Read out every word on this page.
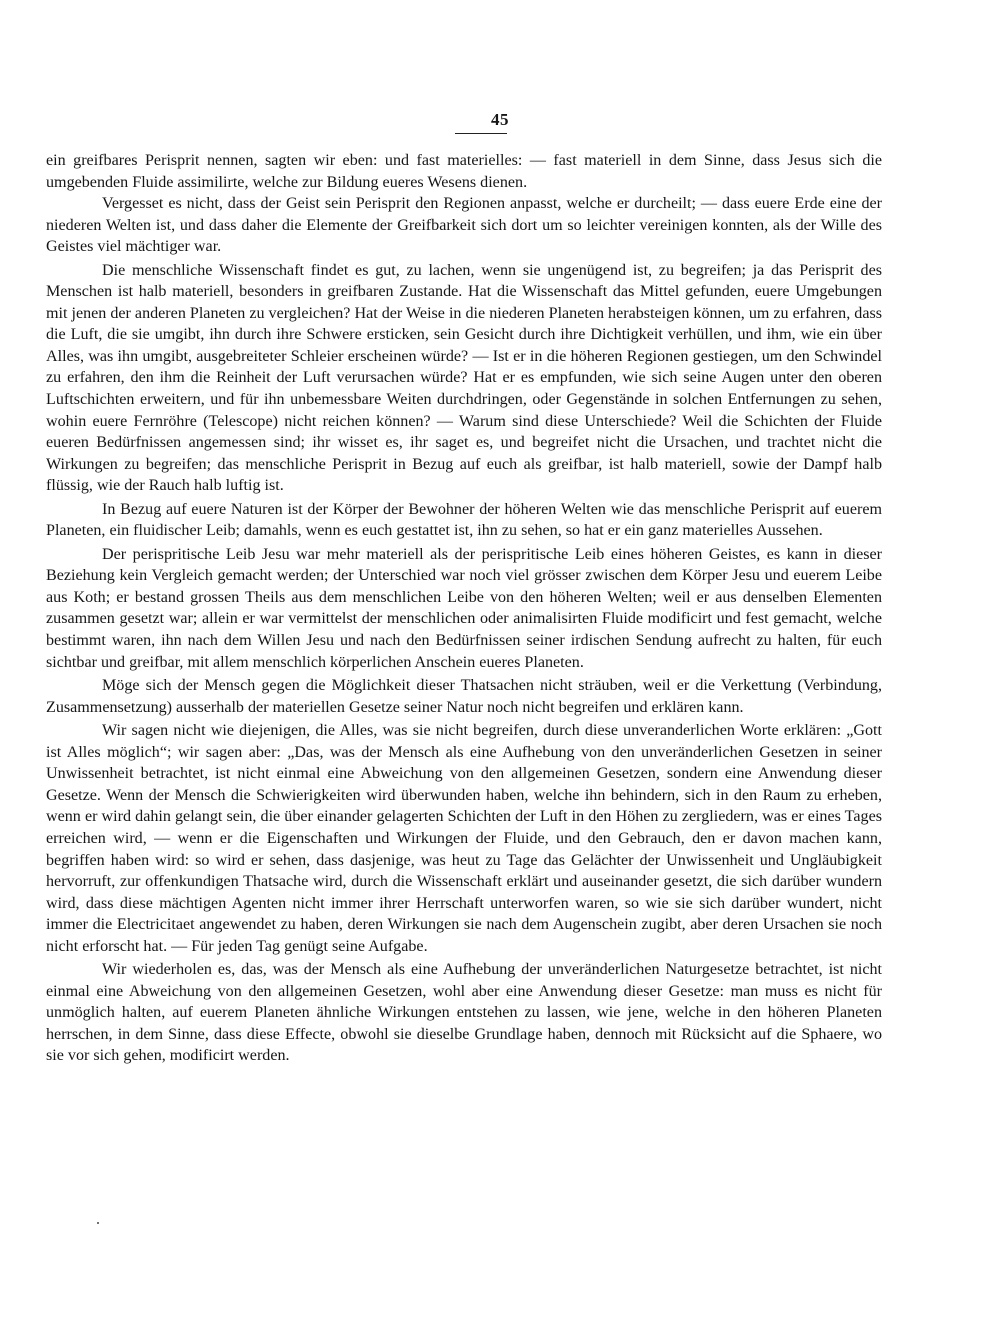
45

ein greifbares Perisprit nennen, sagten wir eben: und fast materielles: — fast materiell in dem Sinne, dass Jesus sich die umgebenden Fluide assimilirte, welche zur Bildung eueres Wesens dienen.

Vergesset es nicht, dass der Geist sein Perisprit den Regionen anpasst, welche er durcheilt; — dass euere Erde eine der niederen Welten ist, und dass daher die Elemente der Greifbarkeit sich dort um so leichter vereinigen konnten, als der Wille des Geistes viel mächtiger war.

Die menschliche Wissenschaft findet es gut, zu lachen, wenn sie ungenügend ist, zu begreifen; ja das Perisprit des Menschen ist halb materiell, besonders in greifbaren Zustande. Hat die Wissenschaft das Mittel gefunden, euere Umgebungen mit jenen der anderen Planeten zu vergleichen? Hat der Weise in die niederen Planeten herabsteigen können, um zu erfahren, dass die Luft, die sie umgibt, ihn durch ihre Schwere ersticken, sein Gesicht durch ihre Dichtigkeit verhüllen, und ihm, wie ein über Alles, was ihn umgibt, ausgebreiteter Schleier erscheinen würde? — Ist er in die höheren Regionen gestiegen, um den Schwindel zu erfahren, den ihm die Reinheit der Luft verursachen würde? Hat er es empfunden, wie sich seine Augen unter den oberen Luftschichten erweitern, und für ihn unbemessbare Weiten durchdringen, oder Gegenstände in solchen Entfernungen zu sehen, wohin euere Fernröhre (Telescope) nicht reichen können? — Warum sind diese Unterschiede? Weil die Schichten der Fluide eueren Bedürfnissen angemessen sind; ihr wisset es, ihr saget es, und begreifet nicht die Ursachen, und trachtet nicht die Wirkungen zu begreifen; das menschliche Perisprit in Bezug auf euch als greifbar, ist halb materiell, sowie der Dampf halb flüssig, wie der Rauch halb luftig ist.

In Bezug auf euere Naturen ist der Körper der Bewohner der höheren Welten wie das menschliche Perisprit auf euerem Planeten, ein fluidischer Leib; damahls, wenn es euch gestattet ist, ihn zu sehen, so hat er ein ganz materielles Aussehen.

Der perispritische Leib Jesu war mehr materiell als der perispritische Leib eines höheren Geistes, es kann in dieser Beziehung kein Vergleich gemacht werden; der Unterschied war noch viel grösser zwischen dem Körper Jesu und euerem Leibe aus Koth; er bestand grossen Theils aus dem menschlichen Leibe von den höheren Welten; weil er aus denselben Elementen zusammen gesetzt war; allein er war vermittelst der menschlichen oder animalisirten Fluide modificirt und fest gemacht, welche bestimmt waren, ihn nach dem Willen Jesu und nach den Bedürfnissen seiner irdischen Sendung aufrecht zu halten, für euch sichtbar und greifbar, mit allem menschlich körperlichen Anschein eueres Planeten.

Möge sich der Mensch gegen die Möglichkeit dieser Thatsachen nicht sträuben, weil er die Verkettung (Verbindung, Zusammensetzung) ausserhalb der materiellen Gesetze seiner Natur noch nicht begreifen und erklären kann.

Wir sagen nicht wie diejenigen, die Alles, was sie nicht begreifen, durch diese unveranderlichen Worte erklären: „Gott ist Alles möglich“; wir sagen aber: „Das, was der Mensch als eine Aufhebung von den unveränderlichen Gesetzen in seiner Unwissenheit betrachtet, ist nicht einmal eine Abweichung von den allgemeinen Gesetzen, sondern eine Anwendung dieser Gesetze. Wenn der Mensch die Schwierigkeiten wird überwunden haben, welche ihn behindern, sich in den Raum zu erheben, wenn er wird dahin gelangt sein, die über einander gelagerten Schichten der Luft in den Höhen zu zergliedern, was er eines Tages erreichen wird, — wenn er die Eigenschaften und Wirkungen der Fluide, und den Gebrauch, den er davon machen kann, begriffen haben wird: so wird er sehen, dass dasjenige, was heut zu Tage das Gelächter der Unwissenheit und Ungläubigkeit hervorruft, zur offenkundigen Thatsache wird, durch die Wissenschaft erklärt und auseinander gesetzt, die sich darüber wundern wird, dass diese mächtigen Agenten nicht immer ihrer Herrschaft unterworfen waren, so wie sie sich darüber wundert, nicht immer die Electricitaet angewendet zu haben, deren Wirkungen sie nach dem Augenschein zugibt, aber deren Ursachen sie noch nicht erforscht hat. — Für jeden Tag genügt seine Aufgabe.

Wir wiederholen es, das, was der Mensch als eine Aufhebung der unveränderlichen Naturgesetze betrachtet, ist nicht einmal eine Abweichung von den allgemeinen Gesetzen, wohl aber eine Anwendung dieser Gesetze: man muss es nicht für unmöglich halten, auf euerem Planeten ähnliche Wirkungen entstehen zu lassen, wie jene, welche in den höheren Planeten herrschen, in dem Sinne, dass diese Effecte, obwohl sie dieselbe Grundlage haben, dennoch mit Rücksicht auf die Sphaere, wo sie vor sich gehen, modificirt werden.
